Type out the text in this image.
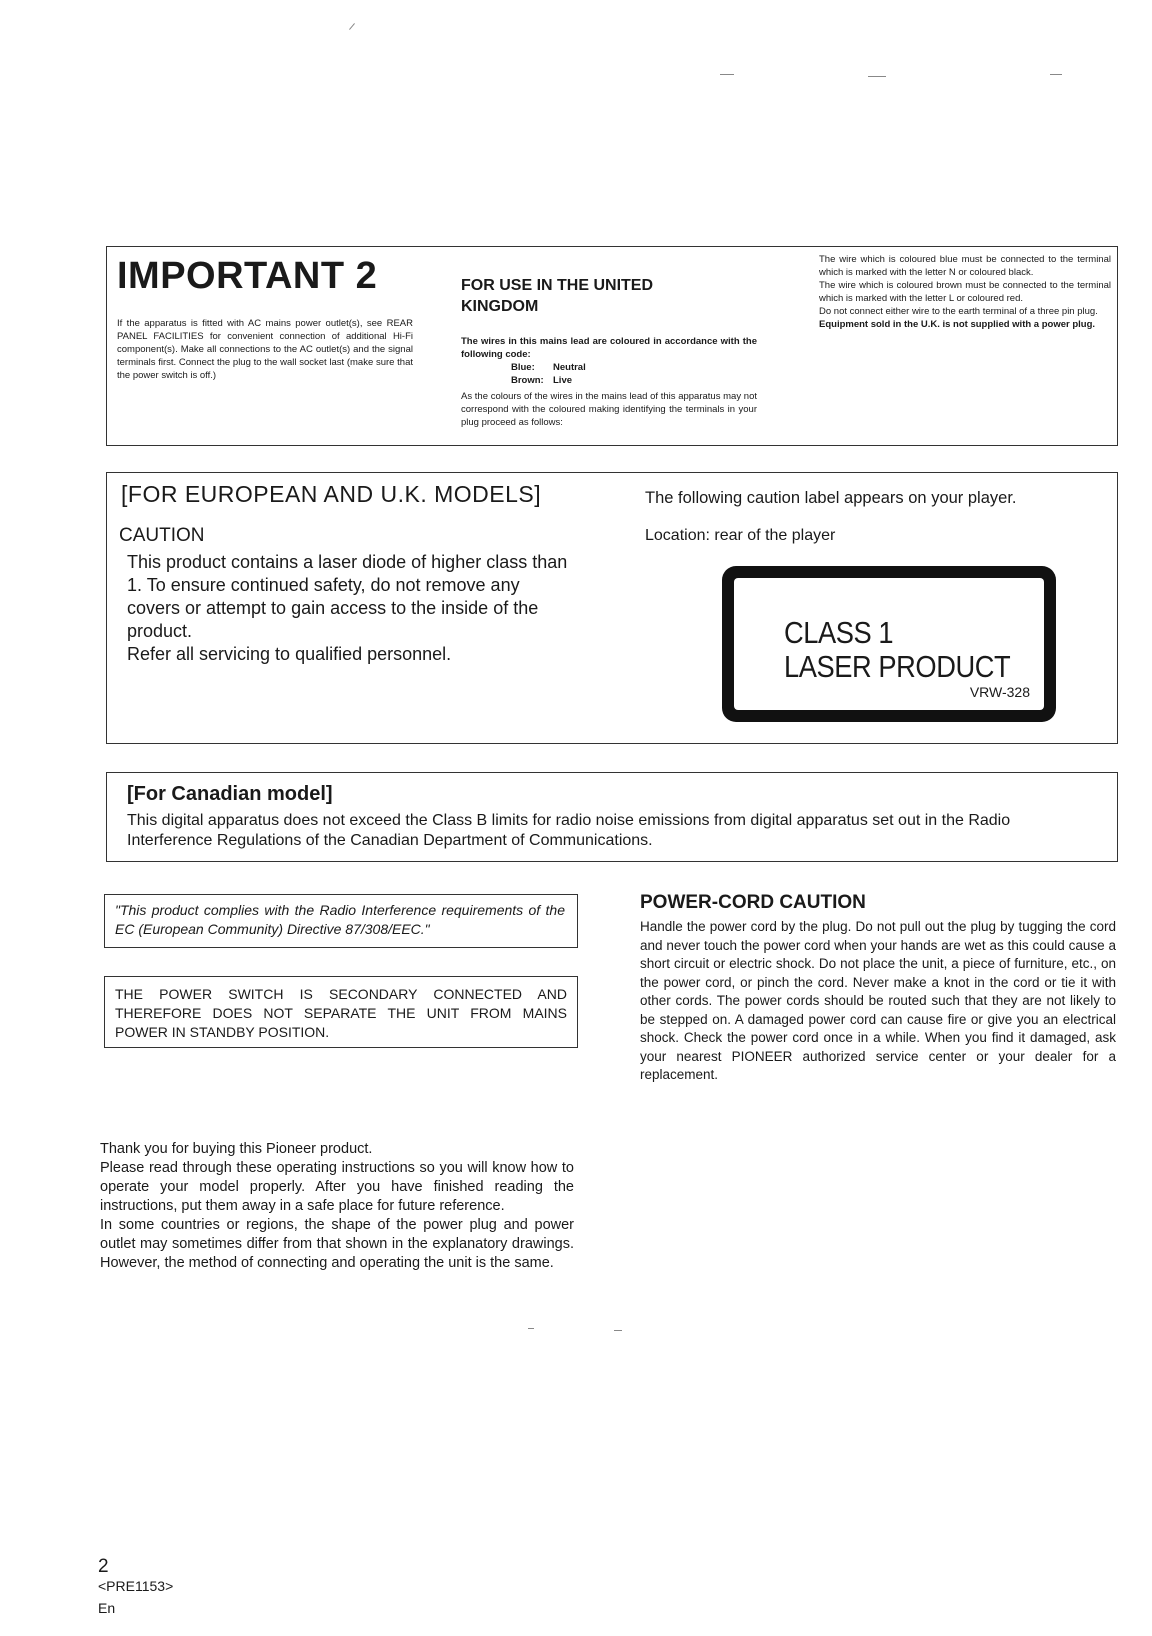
IMPORTANT 2
If the apparatus is fitted with AC mains power outlet(s), see REAR PANEL FACILITIES for convenient connection of additional Hi-Fi component(s). Make all connections to the AC outlet(s) and the signal terminals first. Connect the plug to the wall socket last (make sure that the power switch is off.)
FOR USE IN THE UNITED KINGDOM
The wires in this mains lead are coloured in accordance with the following code:
Blue: Neutral
Brown: Live
As the colours of the wires in the mains lead of this apparatus may not correspond with the coloured making identifying the terminals in your plug proceed as follows:
The wire which is coloured blue must be connected to the terminal which is marked with the letter N or coloured black.
The wire which is coloured brown must be connected to the terminal which is marked with the letter L or coloured red.
Do not connect either wire to the earth terminal of a three pin plug.
Equipment sold in the U.K. is not supplied with a power plug.
[FOR EUROPEAN AND U.K. MODELS]
CAUTION
This product contains a laser diode of higher class than 1. To ensure continued safety, do not remove any covers or attempt to gain access to the inside of the product.
Refer all servicing to qualified personnel.
The following caution label appears on your player.
Location: rear of the player
CLASS 1
LASER PRODUCT
VRW-328
[For Canadian model]
This digital apparatus does not exceed the Class B limits for radio noise emissions from digital apparatus set out in the Radio Interference Regulations of the Canadian Department of Communications.
"This product complies with the Radio Interference requirements of the EC (European Community) Directive 87/308/EEC."
THE POWER SWITCH IS SECONDARY CONNECTED AND THEREFORE DOES NOT SEPARATE THE UNIT FROM MAINS POWER IN STANDBY POSITION.
POWER-CORD CAUTION
Handle the power cord by the plug. Do not pull out the plug by tugging the cord and never touch the power cord when your hands are wet as this could cause a short circuit or electric shock. Do not place the unit, a piece of furniture, etc., on the power cord, or pinch the cord. Never make a knot in the cord or tie it with other cords. The power cords should be routed such that they are not likely to be stepped on. A damaged power cord can cause fire or give you an electrical shock. Check the power cord once in a while. When you find it damaged, ask your nearest PIONEER authorized service center or your dealer for a replacement.
Thank you for buying this Pioneer product.
Please read through these operating instructions so you will know how to operate your model properly. After you have finished reading the instructions, put them away in a safe place for future reference.
In some countries or regions, the shape of the power plug and power outlet may sometimes differ from that shown in the explanatory drawings. However, the method of connecting and operating the unit is the same.
2
<PRE1153>
En
